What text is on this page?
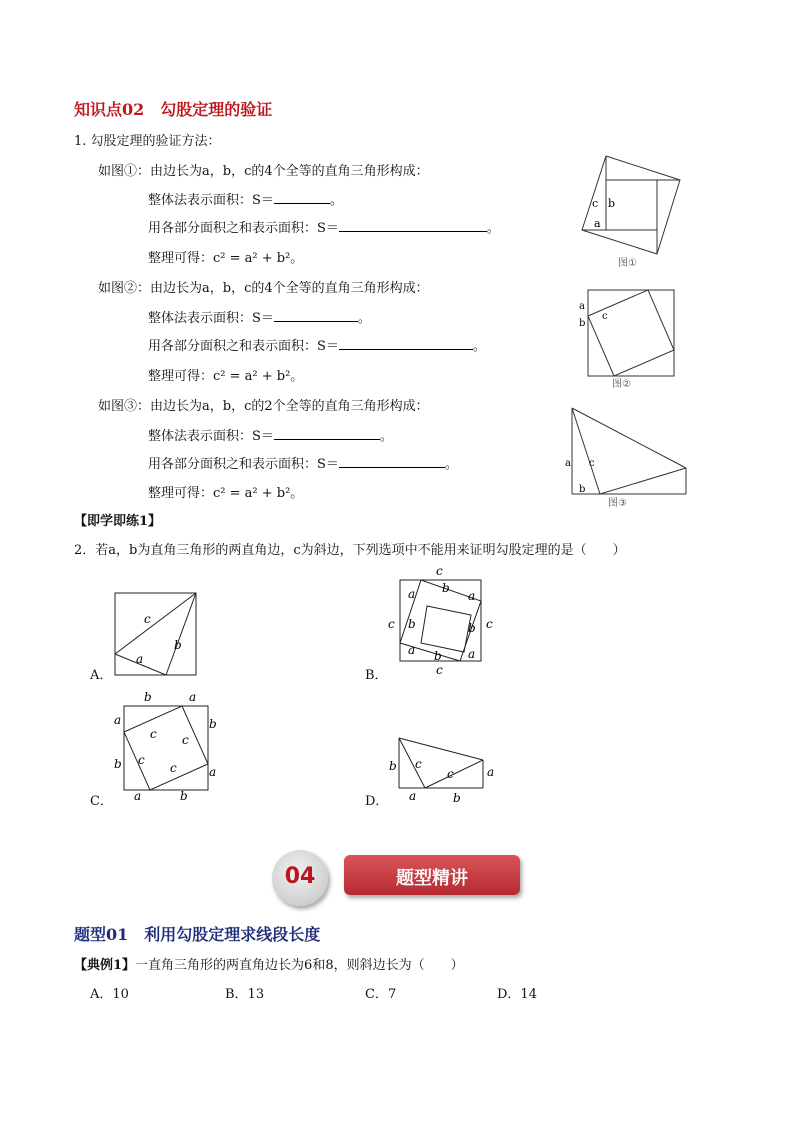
知识点02　勾股定理的验证
1. 勾股定理的验证方法：
如图①：由边长为a，b，c的4个全等的直角三角形构成：
整体法表示面积：S＝	。
用各部分面积之和表示面积：S＝	。
整理可得：c² = a² + b²。
如图②：由边长为a，b，c的4个全等的直角三角形构成：
整体法表示面积：S＝	。
用各部分面积之和表示面积：S＝	。
整理可得：c² = a² + b²。
如图③：由边长为a，b，c的2个全等的直角三角形构成：
整体法表示面积：S＝	。
用各部分面积之和表示面积：S＝	。
整理可得：c² = a² + b²。
c b
a
图①
a
b
c
图②
a c
b
图③
【即学即练1】
2．若a，b为直角三角形的两直角边，c为斜边，下列选项中不能用来证明勾股定理的是（　　）
A．
c
b
a
B．
c
c	c
c
a b
a
b	b
a b a
C．
b	a
a
b
b
a
a	b
c c
c
c
D．
b c
c	a
a	b
题型精讲
04
题型01　利用勾股定理求线段长度
【典例1】一直角三角形的两直角边长为6和8，则斜边长为（　　）
A．10	B．13	C．7	D．14
